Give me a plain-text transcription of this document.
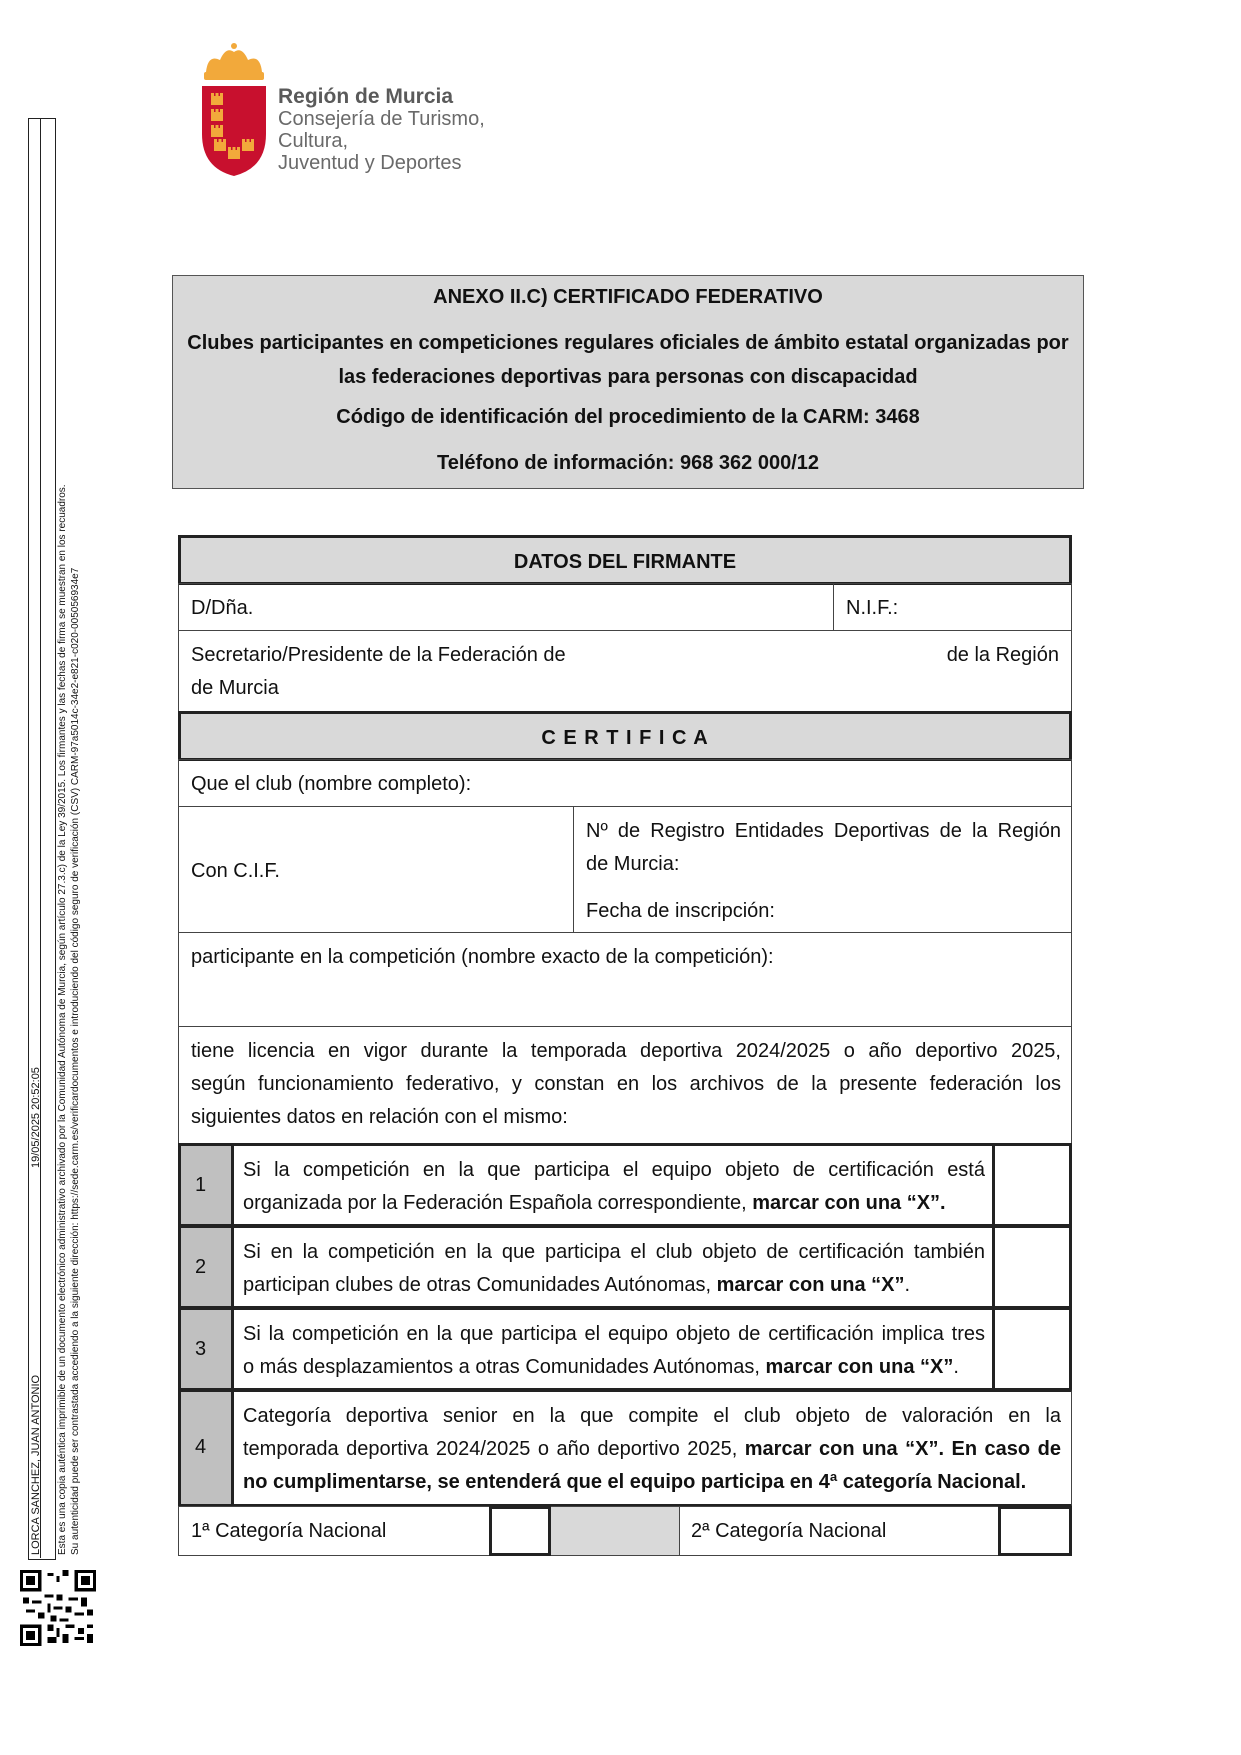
Región de Murcia
Consejería de Turismo, Cultura,
Juventud y Deportes
LORCA SANCHEZ, JUAN ANTONIO
19/05/2025 20:52:05 Esta es una copia auténtica imprimible de un documento electrónico administrativo archivado por la Comunidad Autónoma de Murcia, según artículo 27.3.c) de la Ley 39/2015. Los firmantes y las fechas de firma se muestran en los recuadros. Su autenticidad puede ser contrastada accediendo a la siguiente dirección: https://sede.carm.es/verificardocumentos e introduciendo del código seguro de verificación (CSV) CARM-97a5014c-34e2-e821-c020-005056934e7
ANEXO II.C) CERTIFICADO FEDERATIVO
Clubes participantes en competiciones regulares oficiales de ámbito estatal organizadas por
las federaciones deportivas para personas con discapacidad
Código de identificación del procedimiento de la CARM: 3468
Teléfono de información: 968 362 000/12
DATOS DEL FIRMANTE
D/Dña.	N.I.F.:
Secretario/Presidente de la Federación de	de la Región
de Murcia
C E R T I F I C A
Que el club (nombre completo):
Con C.I.F.
Nº de Registro Entidades Deportivas de la Región
de Murcia:
Fecha de inscripción:
participante en la competición (nombre exacto de la competición):
tiene licencia en vigor durante la temporada deportiva 2024/2025 o año deportivo 2025,
según funcionamiento federativo, y constan en los archivos de la presente federación los
siguientes datos en relación con el mismo:
1
Si la competición en la que participa el equipo objeto de certificación está
organizada por la Federación Española correspondiente, marcar con una “X”.
2
Si en la competición en la que participa el club objeto de certificación también
participan clubes de otras Comunidades Autónomas, marcar con una “X”.
3
Si la competición en la que participa el equipo objeto de certificación implica tres
o más desplazamientos a otras Comunidades Autónomas, marcar con una “X”.
4
Categoría deportiva senior en la que compite el club objeto de valoración en la
temporada deportiva 2024/2025 o año deportivo 2025, marcar con una “X”. En caso de
no cumplimentarse, se entenderá que el equipo participa en 4ª categoría Nacional.
1ª Categoría Nacional	2ª Categoría Nacional
